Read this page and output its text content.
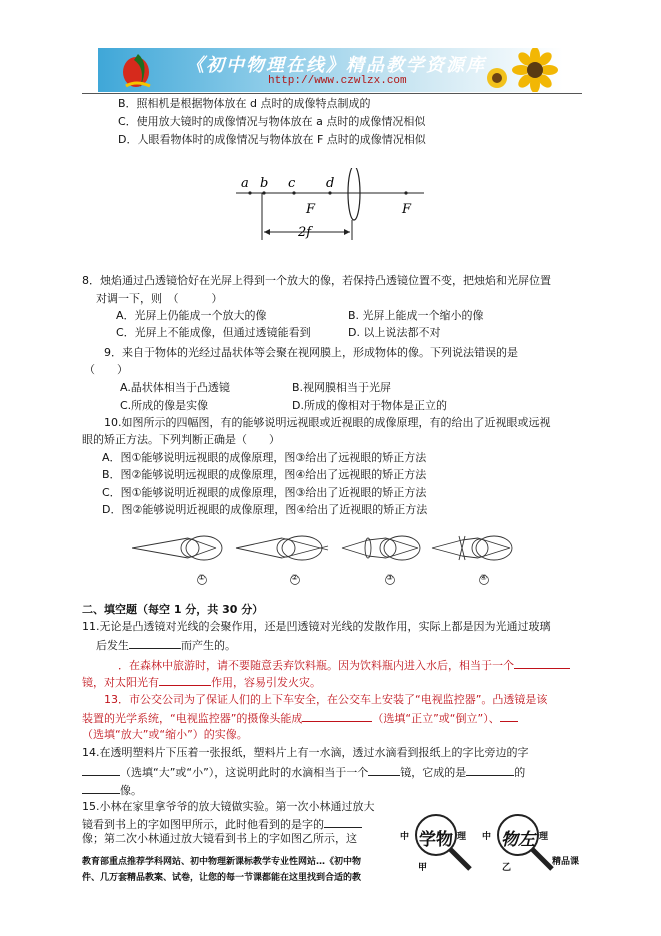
《初中物理在线》精品教学资源库
http://www.czwlzx.com
B．照相机是根据物体放在 d 点时的成像特点制成的
C．使用放大镜时的成像情况与物体放在 a 点时的成像情况相似
D．人眼看物体时的成像情况与物体放在 F 点时的成像情况相似
a b c d
F	F
2f
8．烛焰通过凸透镜恰好在光屏上得到一个放大的像，若保持凸透镜位置不变，把烛焰和光屏位置
对调一下，则　（　　　）
A．光屏上仍能成一个放大的像	B. 光屏上能成一个缩小的像
C．光屏上不能成像，但通过透镜能看到	D. 以上说法都不对
9．来自于物体的光经过晶状体等会聚在视网膜上，形成物体的像。下列说法错误的是
（　　）
A.晶状体相当于凸透镜	B.视网膜相当于光屏
C.所成的像是实像	D.所成的像相对于物体是正立的
10.如图所示的四幅图，有的能够说明远视眼或近视眼的成像原理，有的给出了近视眼或远视
眼的矫正方法。下列判断正确是（　　）
A．图①能够说明远视眼的成像原理，图③给出了远视眼的矫正方法
B．图②能够说明远视眼的成像原理，图④给出了远视眼的矫正方法
C．图①能够说明近视眼的成像原理，图③给出了近视眼的矫正方法
D．图②能够说明近视眼的成像原理，图④给出了近视眼的矫正方法
①	②	③	④
二、填空题（每空 1 分，共 30 分）
11.无论是凸透镜对光线的会聚作用，还是凹透镜对光线的发散作用，实际上都是因为光通过玻璃
后发生	而产生的。
．在森林中旅游时，请不要随意丢弃饮料瓶。因为饮料瓶内进入水后，相当于一个
镜，对太阳光有	作用，容易引发火灾。
13．市公交公司为了保证人们的上下车安全，在公交车上安装了“电视监控器”。凸透镜是该
装置的光学系统，“电视监控器”的摄像头能成	（选填“正立”或“倒立”）、
（选填“放大”或“缩小”）的实像。
14.在透明塑料片下压着一张报纸，塑料片上有一水滴，透过水滴看到报纸上的字比旁边的字
（选填“大”或“小”），这说明此时的水滴相当于一个	镜，它成的是	的
像。
15.小林在家里拿爷爷的放大镜做实验。第一次小林通过放大
镜看到书上的字如图甲所示，此时他看到的是字的
像；第二次小林通过放大镜看到书上的字如图乙所示，这	中 学物 理
甲
中 物左 理
乙
教育部重点推荐学科网站、初中物理新课标教学专业性网站…《初中物	精品课
件、几万套精品教案、试卷，让您的每一节课都能在这里找到合适的教
